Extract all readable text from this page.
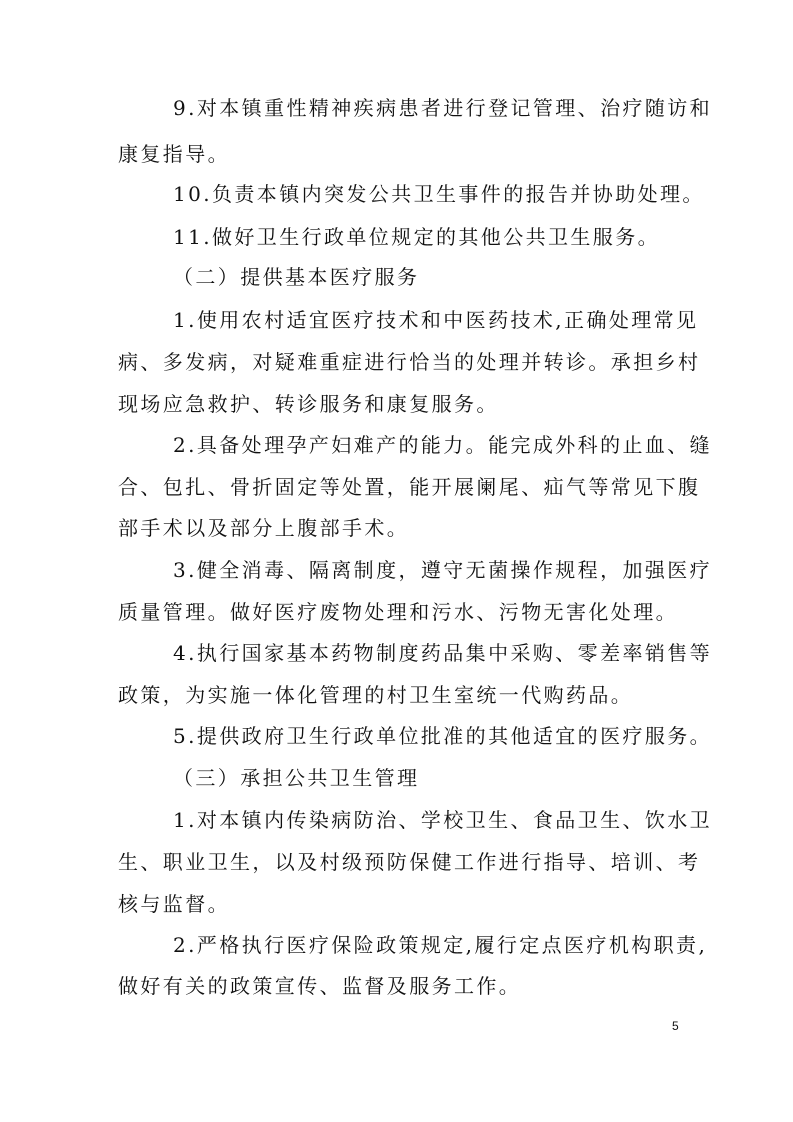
9.对本镇重性精神疾病患者进行登记管理、治疗随访和
康复指导。
10.负责本镇内突发公共卫生事件的报告并协助处理。
11.做好卫生行政单位规定的其他公共卫生服务。
（二）提供基本医疗服务
1.使用农村适宜医疗技术和中医药技术,正确处理常见
病、多发病，对疑难重症进行恰当的处理并转诊。承担乡村
现场应急救护、转诊服务和康复服务。
2.具备处理孕产妇难产的能力。能完成外科的止血、缝
合、包扎、骨折固定等处置，能开展阑尾、疝气等常见下腹
部手术以及部分上腹部手术。
3.健全消毒、隔离制度，遵守无菌操作规程，加强医疗
质量管理。做好医疗废物处理和污水、污物无害化处理。
4.执行国家基本药物制度药品集中采购、零差率销售等
政策，为实施一体化管理的村卫生室统一代购药品。
5.提供政府卫生行政单位批准的其他适宜的医疗服务。
（三）承担公共卫生管理
1.对本镇内传染病防治、学校卫生、食品卫生、饮水卫
生、职业卫生，以及村级预防保健工作进行指导、培训、考
核与监督。
2.严格执行医疗保险政策规定,履行定点医疗机构职责,
做好有关的政策宣传、监督及服务工作。
5
